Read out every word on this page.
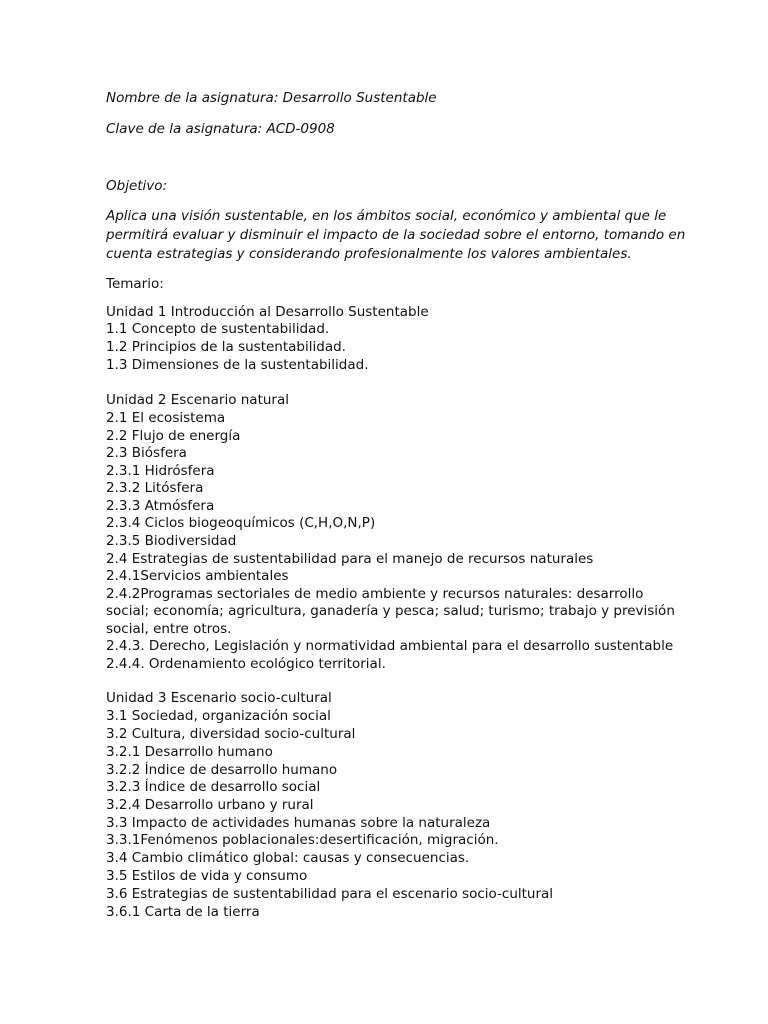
Nombre de la asignatura: Desarrollo Sustentable
Clave de la asignatura: ACD-0908
Objetivo:
Aplica una visión sustentable, en los ámbitos social, económico y ambiental que le
permitirá evaluar y disminuir el impacto de la sociedad sobre el entorno, tomando en
cuenta estrategias y considerando profesionalmente los valores ambientales.
Temario:
Unidad 1 Introducción al Desarrollo Sustentable
1.1 Concepto de sustentabilidad.
1.2 Principios de la sustentabilidad.
1.3 Dimensiones de la sustentabilidad.
Unidad 2 Escenario natural
2.1 El ecosistema
2.2 Flujo de energía
2.3 Biósfera
2.3.1 Hidrósfera
2.3.2 Litósfera
2.3.3 Atmósfera
2.3.4 Ciclos biogeoquímicos (C,H,O,N,P)
2.3.5 Biodiversidad
2.4 Estrategias de sustentabilidad para el manejo de recursos naturales
2.4.1Servicios ambientales
2.4.2Programas sectoriales de medio ambiente y recursos naturales: desarrollo
social; economía; agricultura, ganadería y pesca; salud; turismo; trabajo y previsión
social, entre otros.
2.4.3. Derecho, Legislación y normatividad ambiental para el desarrollo sustentable
2.4.4. Ordenamiento ecológico territorial.
Unidad 3 Escenario socio-cultural
3.1 Sociedad, organización social
3.2 Cultura, diversidad socio-cultural
3.2.1 Desarrollo humano
3.2.2 Índice de desarrollo humano
3.2.3 Índice de desarrollo social
3.2.4 Desarrollo urbano y rural
3.3 Impacto de actividades humanas sobre la naturaleza
3.3.1Fenómenos poblacionales:desertificación, migración.
3.4 Cambio climático global: causas y consecuencias.
3.5 Estilos de vida y consumo
3.6 Estrategias de sustentabilidad para el escenario socio-cultural
3.6.1 Carta de la tierra
